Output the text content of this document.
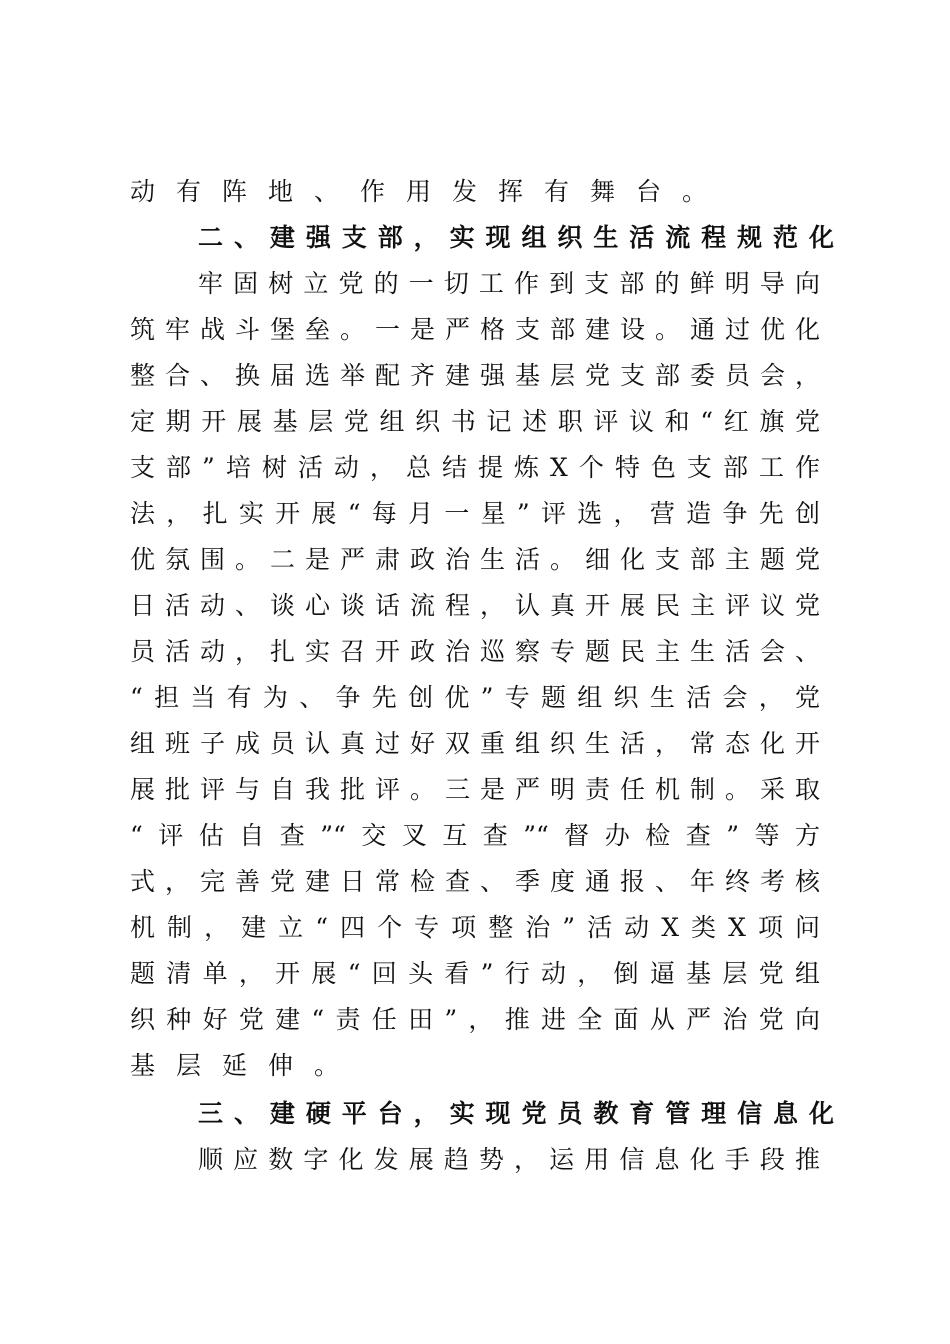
动有阵地、作用发挥有舞台。
二、建强支部，实现组织生活流程规范化
牢固树立党的一切工作到支部的鲜明导向
筑牢战斗堡垒。一是严格支部建设。通过优化
整合、换届选举配齐建强基层党支部委员会，
定期开展基层党组织书记述职评议和“红旗党
支部”培树活动，总结提炼X个特色支部工作
法，扎实开展“每月一星”评选，营造争先创
优氛围。二是严肃政治生活。细化支部主题党
日活动、谈心谈话流程，认真开展民主评议党
员活动，扎实召开政治巡察专题民主生活会、
“担当有为、争先创优”专题组织生活会，党
组班子成员认真过好双重组织生活，常态化开
展批评与自我批评。三是严明责任机制。采取
“评估自查”“交叉互查”“督办检查”等方
式，完善党建日常检查、季度通报、年终考核
机制，建立“四个专项整治”活动X类X项问
题清单，开展“回头看”行动，倒逼基层党组
织种好党建“责任田”，推进全面从严治党向
基层延伸。
三、建硬平台，实现党员教育管理信息化
顺应数字化发展趋势，运用信息化手段推
